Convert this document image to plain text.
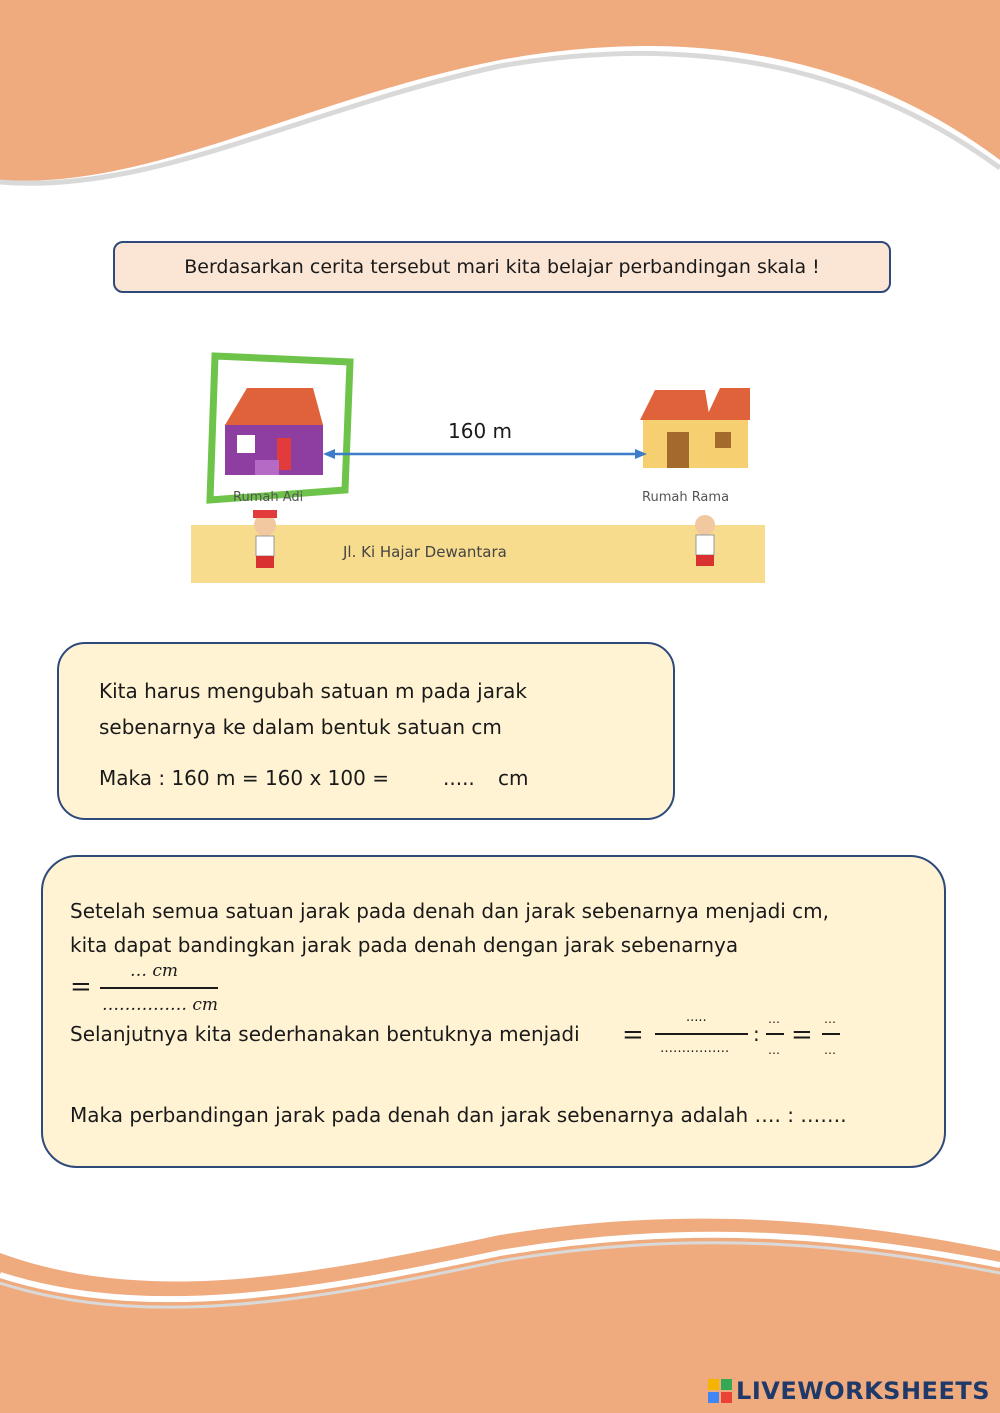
Berdasarkan cerita tersebut mari kita belajar perbandingan skala !
160 m
Rumah Adi	Rumah Rama
Jl. Ki Hajar Dewantara
Kita harus mengubah satuan m pada jarak
sebenarnya ke dalam bentuk satuan cm
Maka : 160 m = 160 x 100 =	..... cm
Setelah semua satuan jarak pada denah dan jarak sebenarnya menjadi cm,
kita dapat bandingkan jarak pada denah dengan jarak sebenarnya
=
… cm
…………… cm
Selanjutnya kita sederhanakan bentuknya menjadi =
.....
…………….
:
…
… =
…
…
Maka perbandingan jarak pada denah dan jarak sebenarnya adalah …. : …….
LIVEWORKSHEETS
